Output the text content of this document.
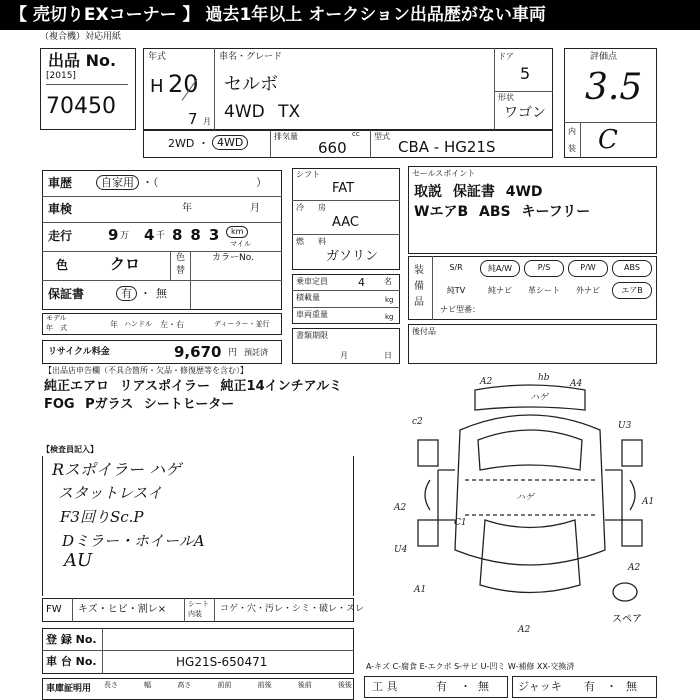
【 売切りEXコーナー 】 過去1年以上 オークション出品歴がない車両
（複合機）対応用紙
出品 No.
[2015]
70450
年式
H 20
7 月
車名・グレード
セルボ
4WD TX
ドア
5
形状
ワゴン
評価点
3.5
内
装 C
2WD ・ 4WD	排気量	cc
660
型式
CBA - HG21S
車歴	自家用 ・（	）
車検	年	月
走行 9 万 4 千 883 km
マイル
色	クロ	色
替
カラーNo.
保証書	有 ・ 無
モデル
年　式	年 ハンドル 左・右	ディーラー・並行
リサイクル料金	9,670 円 預託済
シフト
FAT
冷 房
AAC
燃 料
ガソリン
乗車定員	4 名
積載量	kg
車両重量	kg
書類期限
月	日
セールスポイント
取説 保証書 4WD
WエアB ABS キーフリー
装
備
品
S/R	純A/W	P/S	P/W	ABS
純TV	純ナビ	革シート	外ナビ	エアB
ナビ型番：
後付品
【出品店申告欄（不具合箇所・欠品・修復歴等を含む）】
純正エアロ リアスポイラー 純正14インチアルミ
FOG Pガラス シートヒーター
【検査員記入】
Rスポイラー ハゲ
スタットレスイ
F3回りSc.P
Dミラー・ホイールA
AU
A2	hb
A4
c2	U3
A2
A1
C1
ハゲ
ハゲ
U4
A1
A2
A2
スペア
FW キズ・ヒビ・割レ×	シート
内装 コゲ・穴・汚レ・シミ・破レ・スレ
登 録 No.
車 台 No.	HG21S-650471
車庫証明用 長さ	幅	高さ	前前	前後	後前	後後
A-キズ C-腐食 E-エクボ S-サビ U-凹ミ W-補修 XX-交換済
工 具	有 ・ 無	ジャッキ 有 ・ 無
